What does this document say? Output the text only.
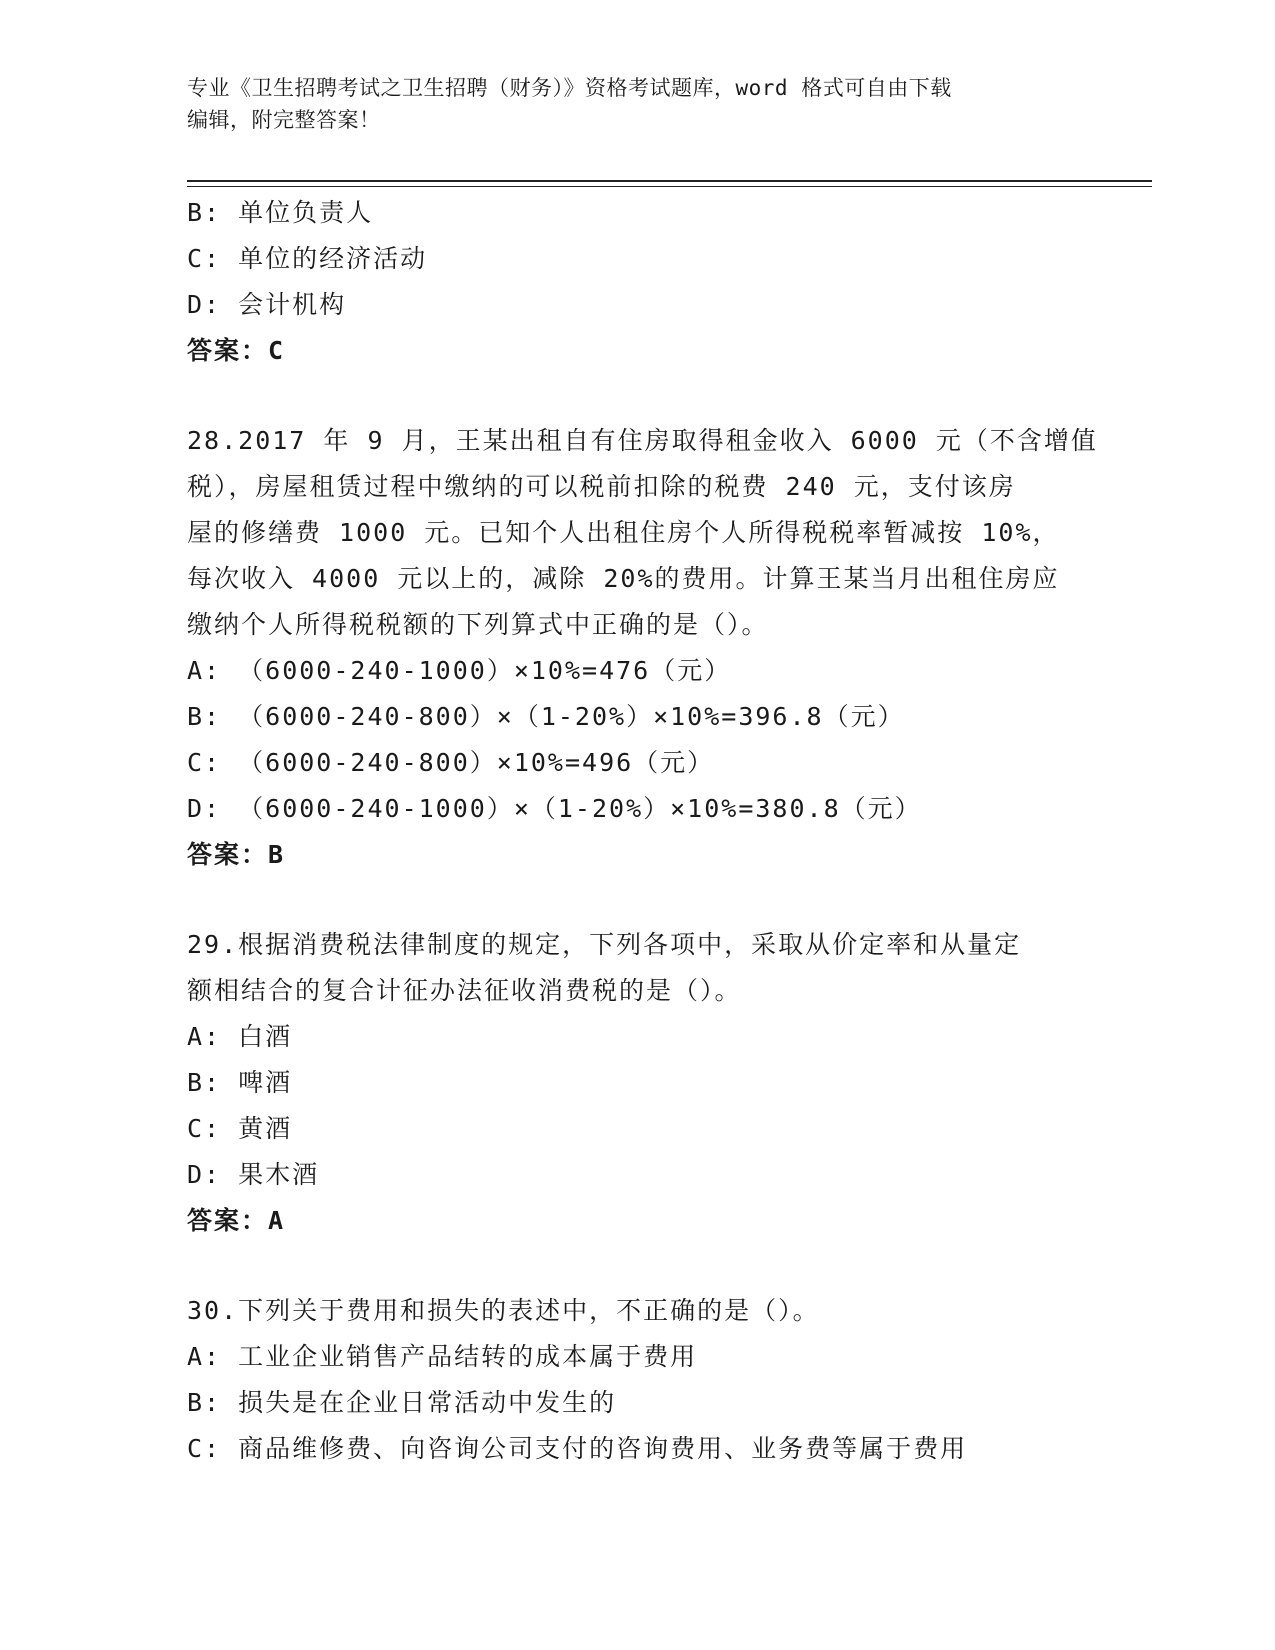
专业《卫生招聘考试之卫生招聘（财务）》资格考试题库，word 格式可自由下载
编辑，附完整答案！
B: 单位负责人
C: 单位的经济活动
D: 会计机构
答案：C
28.2017 年 9 月，王某出租自有住房取得租金收入 6000 元（不含增值
税），房屋租赁过程中缴纳的可以税前扣除的税费 240 元，支付该房
屋的修缮费 1000 元。已知个人出租住房个人所得税税率暂减按 10%，
每次收入 4000 元以上的，减除 20%的费用。计算王某当月出租住房应
缴纳个人所得税税额的下列算式中正确的是（）。
A: （6000-240-1000）×10%=476（元）
B: （6000-240-800）×（1-20%）×10%=396.8（元）
C: （6000-240-800）×10%=496（元）
D: （6000-240-1000）×（1-20%）×10%=380.8（元）
答案：B
29.根据消费税法律制度的规定，下列各项中，采取从价定率和从量定
额相结合的复合计征办法征收消费税的是（）。
A: 白酒
B: 啤酒
C: 黄酒
D: 果木酒
答案：A
30.下列关于费用和损失的表述中，不正确的是（）。
A: 工业企业销售产品结转的成本属于费用
B: 损失是在企业日常活动中发生的
C: 商品维修费、向咨询公司支付的咨询费用、业务费等属于费用
